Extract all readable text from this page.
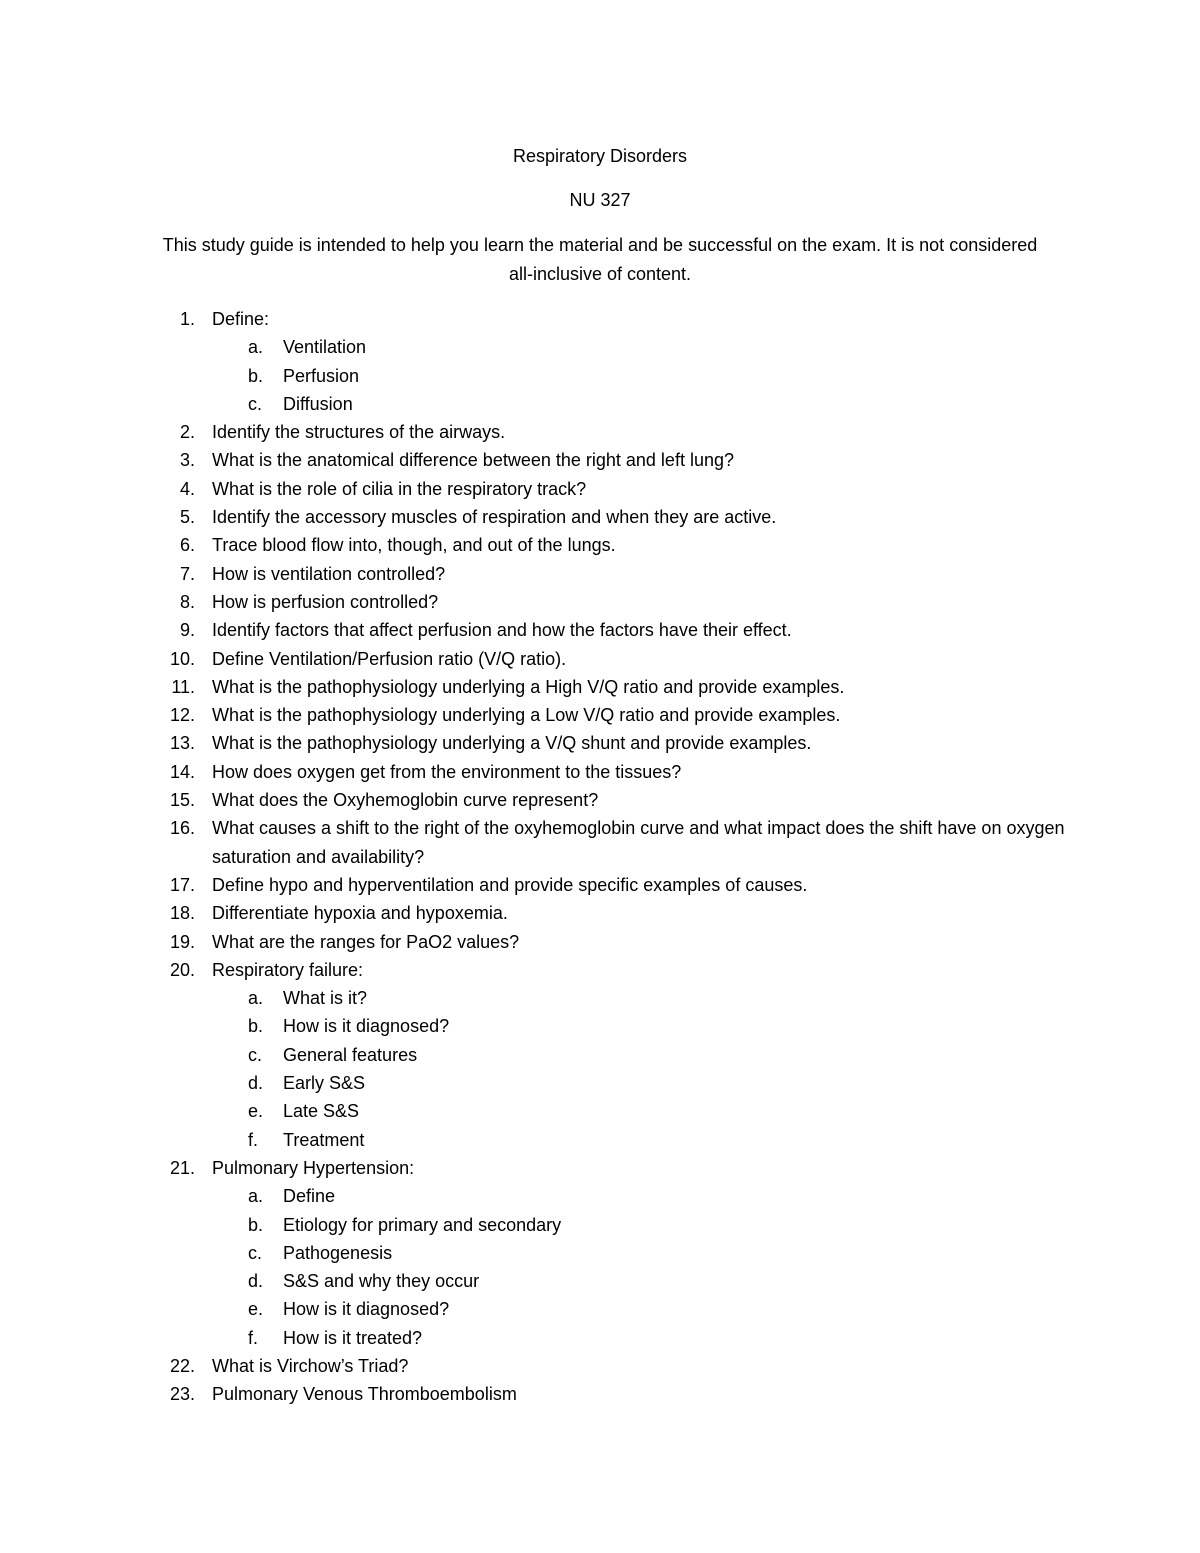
Respiratory Disorders
NU 327
This study guide is intended to help you learn the material and be successful on the exam. It is not considered all-inclusive of content.
1. Define:
a. Ventilation
b. Perfusion
c. Diffusion
2. Identify the structures of the airways.
3. What is the anatomical difference between the right and left lung?
4. What is the role of cilia in the respiratory track?
5. Identify the accessory muscles of respiration and when they are active.
6. Trace blood flow into, though, and out of the lungs.
7. How is ventilation controlled?
8. How is perfusion controlled?
9. Identify factors that affect perfusion and how the factors have their effect.
10. Define Ventilation/Perfusion ratio (V/Q ratio).
11. What is the pathophysiology underlying a High V/Q ratio and provide examples.
12. What is the pathophysiology underlying a Low V/Q ratio and provide examples.
13. What is the pathophysiology underlying a V/Q shunt and provide examples.
14. How does oxygen get from the environment to the tissues?
15. What does the Oxyhemoglobin curve represent?
16. What causes a shift to the right of the oxyhemoglobin curve and what impact does the shift have on oxygen saturation and availability?
17. Define hypo and hyperventilation and provide specific examples of causes.
18. Differentiate hypoxia and hypoxemia.
19. What are the ranges for PaO2 values?
20. Respiratory failure:
a. What is it?
b. How is it diagnosed?
c. General features
d. Early S&S
e. Late S&S
f. Treatment
21. Pulmonary Hypertension:
a. Define
b. Etiology for primary and secondary
c. Pathogenesis
d. S&S and why they occur
e. How is it diagnosed?
f. How is it treated?
22. What is Virchow’s Triad?
23. Pulmonary Venous Thromboembolism
